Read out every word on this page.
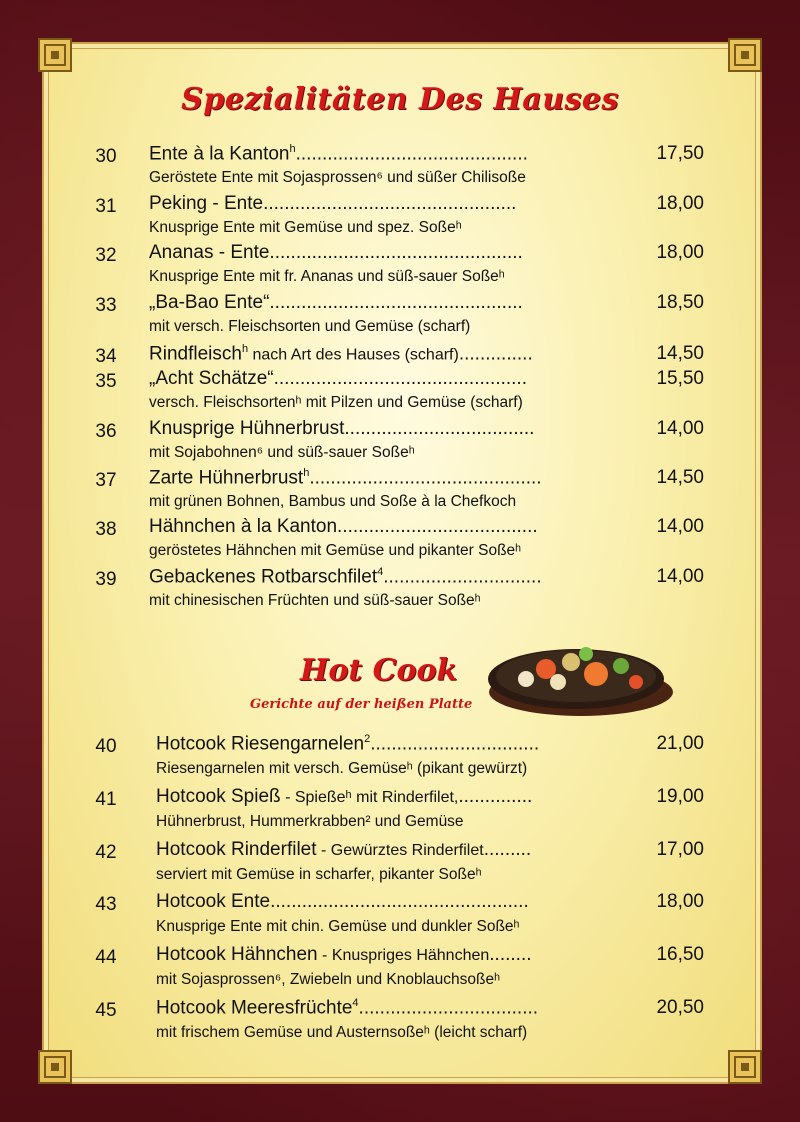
Spezialitäten Des Hauses
30	Ente à la Kanton$^h$............................................	17,50
Geröstete Ente mit Sojasprossen⁶ und süßer Chilisoße
31	Peking - Ente................................................	18,00
Knusprige Ente mit Gemüse und spez. Soßeʰ
32	Ananas - Ente................................................	18,00
Knusprige Ente mit fr. Ananas und süß-sauer Soßeʰ
33	„Ba-Bao Ente“................................................	18,50
mit versch. Fleischsorten und Gemüse (scharf)
34	Rindfleisch$^h$ nach Art des Hauses (scharf)..............	14,50
35	„Acht Schätze“................................................	15,50
versch. Fleischsortenʰ mit Pilzen und Gemüse (scharf)
36	Knusprige Hühnerbrust....................................	14,00
mit Sojabohnen⁶ und süß-sauer Soßeʰ
37	Zarte Hühnerbrust$^h$............................................	14,50
mit grünen Bohnen, Bambus und Soße à la Chefkoch
38	Hähnchen à la Kanton......................................	14,00
geröstetes Hähnchen mit Gemüse und pikanter Soßeʰ
39	Gebackenes Rotbarschfilet$^4$..............................	14,00
mit chinesischen Früchten und süß-sauer Soßeʰ
Hot Cook
Gerichte auf der heißen Platte
40	Hotcook Riesengarnelen$^2$................................	21,00
Riesengarnelen mit versch. Gemüseʰ (pikant gewürzt)
41	Hotcook Spieß - Spießeʰ mit Rinderfilet,..............	19,00
Hühnerbrust, Hummerkrabben² und Gemüse
42	Hotcook Rinderfilet - Gewürztes Rinderfilet.........	17,00
serviert mit Gemüse in scharfer, pikanter Soßeʰ
43	Hotcook Ente.................................................	18,00
Knusprige Ente mit chin. Gemüse und dunkler Soßeʰ
44	Hotcook Hähnchen - Knuspriges Hähnchen........	16,50
mit Sojasprossen⁶, Zwiebeln und Knoblauchsoßeʰ
45	Hotcook Meeresfrüchte$^4$..................................	20,50
mit frischem Gemüse und Austernsoßeʰ (leicht scharf)
